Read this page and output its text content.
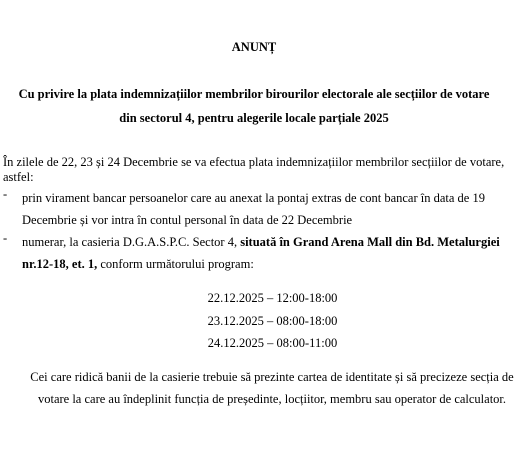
ANUNȚ
Cu privire la plata indemnizațiilor membrilor birourilor electorale ale secțiilor de votare
din sectorul 4, pentru alegerile locale parțiale 2025
În zilele de 22, 23 și 24 Decembrie se va efectua plata indemnizațiilor membrilor secțiilor de votare, astfel:
- prin virament bancar persoanelor care au anexat la pontaj extras de cont bancar în data de 19 Decembrie și vor intra în contul personal în data de 22 Decembrie
- numerar, la casieria D.G.A.S.P.C. Sector 4, situată în Grand Arena Mall din Bd. Metalurgiei nr.12-18, et. 1, conform următorului program:
22.12.2025 – 12:00-18:00
23.12.2025 – 08:00-18:00
24.12.2025 – 08:00-11:00
Cei care ridică banii de la casierie trebuie să prezinte cartea de identitate și să precizeze secția de votare la care au îndeplinit funcția de președinte, locțiitor, membru sau operator de calculator.
